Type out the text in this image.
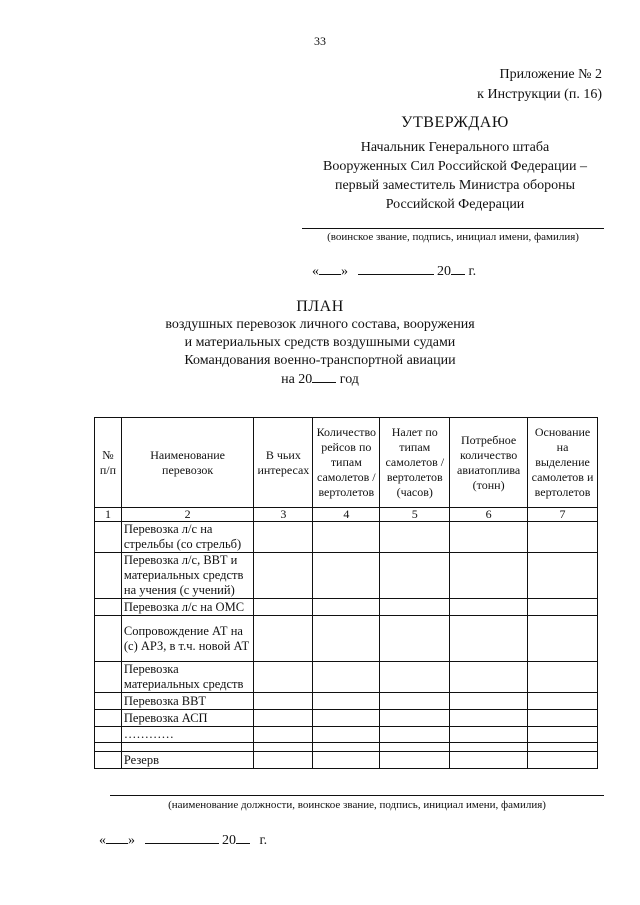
33
Приложение № 2
к Инструкции (п. 16)
УТВЕРЖДАЮ
Начальник Генерального штаба
Вооруженных Сил Российской Федерации –
первый заместитель Министра обороны
Российской Федерации
(воинское звание, подпись, инициал имени, фамилия)
« »	20 г.
ПЛАН
воздушных перевозок личного состава, вооружения
и материальных средств воздушными судами
Командования военно-транспортной авиации
на 20 год
№ п/п	Наименование перевозок	В чьих интересах	Количество рейсов по типам самолетов / вертолетов	Налет по типам самолетов / вертолетов (часов)	Потребное количество авиатоплива (тонн)	Основание на выделение самолетов и вертолетов
1	2	3	4	5	6	7
	Перевозка л/с на стрельбы (со стрельб)					
	Перевозка л/с, ВВТ и материальных средств на учения (с учений)					
	Перевозка л/с на ОМС					
	Сопровождение АТ на (с) АРЗ, в т.ч. новой АТ					
	Перевозка материальных средств					
	Перевозка ВВТ					
	Перевозка АСП					
	…………					

	Резерв					
(наименование должности, воинское звание, подпись, инициал имени, фамилия)
« »	20 г.
